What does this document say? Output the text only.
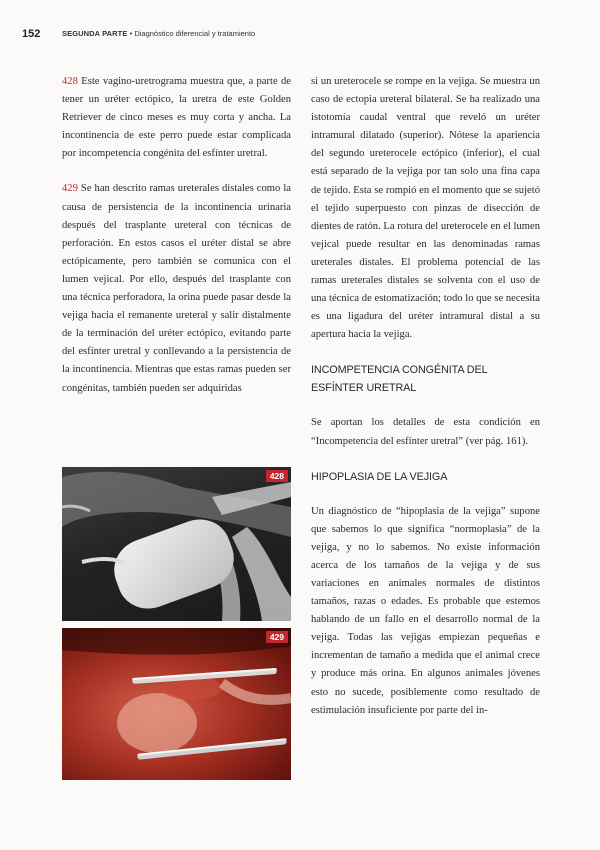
152	SEGUNDA PARTE • Diagnóstico diferencial y tratamiento

428 Este vagino-uretrograma muestra que, a parte de tener un uréter ectópico, la uretra de este Golden Retriever de cinco meses es muy corta y ancha. La incontinencia de este perro puede estar complicada por incompetencia congénita del esfínter uretral.

429 Se han descrito ramas ureterales distales como la causa de persistencia de la incontinencia urinaria después del trasplante ureteral con técnicas de perforación. En estos casos el uréter distal se abre ectópicamente, pero también se comunica con el lumen vejical. Por ello, después del trasplante con una técnica perforadora, la orina puede pasar desde la vejiga hacia el remanente ureteral y salir distalmente de la terminación del uréter ectópico, evitando parte del esfínter uretral y conllevando a la persistencia de la incontinencia. Mientras que estas ramas pueden ser congénitas, también pueden ser adquiridas

428
429

si un ureterocele se rompe en la vejiga. Se muestra un caso de ectopia ureteral bilateral. Se ha realizado una istotomía caudal ventral que reveló un uréter intramural dilatado (superior). Nótese la apariencia del segundo ureterocele ectópico (inferior), el cual está separado de la vejiga por tan solo una fina capa de tejido. Esta se rompió en el momento que se sujetó el tejido superpuesto con pinzas de disección de dientes de ratón. La rotura del ureterocele en el lumen vejical puede resultar en las denominadas ramas ureterales distales. El problema potencial de las ramas ureterales distales se solventa con el uso de una técnica de estomatización; todo lo que se necesita es una ligadura del uréter intramural distal a su apertura hacia la vejiga.

INCOMPETENCIA CONGÉNITA DEL ESFÍNTER URETRAL

Se aportan los detalles de esta condición en “Incompetencia del esfínter uretral” (ver pág. 161).

HIPOPLASIA DE LA VEJIGA

Un diagnóstico de “hipoplasia de la vejiga” supone que sabemos lo que significa “normoplasia” de la vejiga, y no lo sabemos. No existe información acerca de los tamaños de la vejiga y de sus variaciones en animales normales de distintos tamaños, razas o edades. Es probable que estemos hablando de un fallo en el desarrollo normal de la vejiga. Todas las vejigas empiezan pequeñas e incrementan de tamaño a medida que el animal crece y produce más orina. En algunos animales jóvenes esto no sucede, posiblemente como resultado de estimulación insuficiente por parte del in-
